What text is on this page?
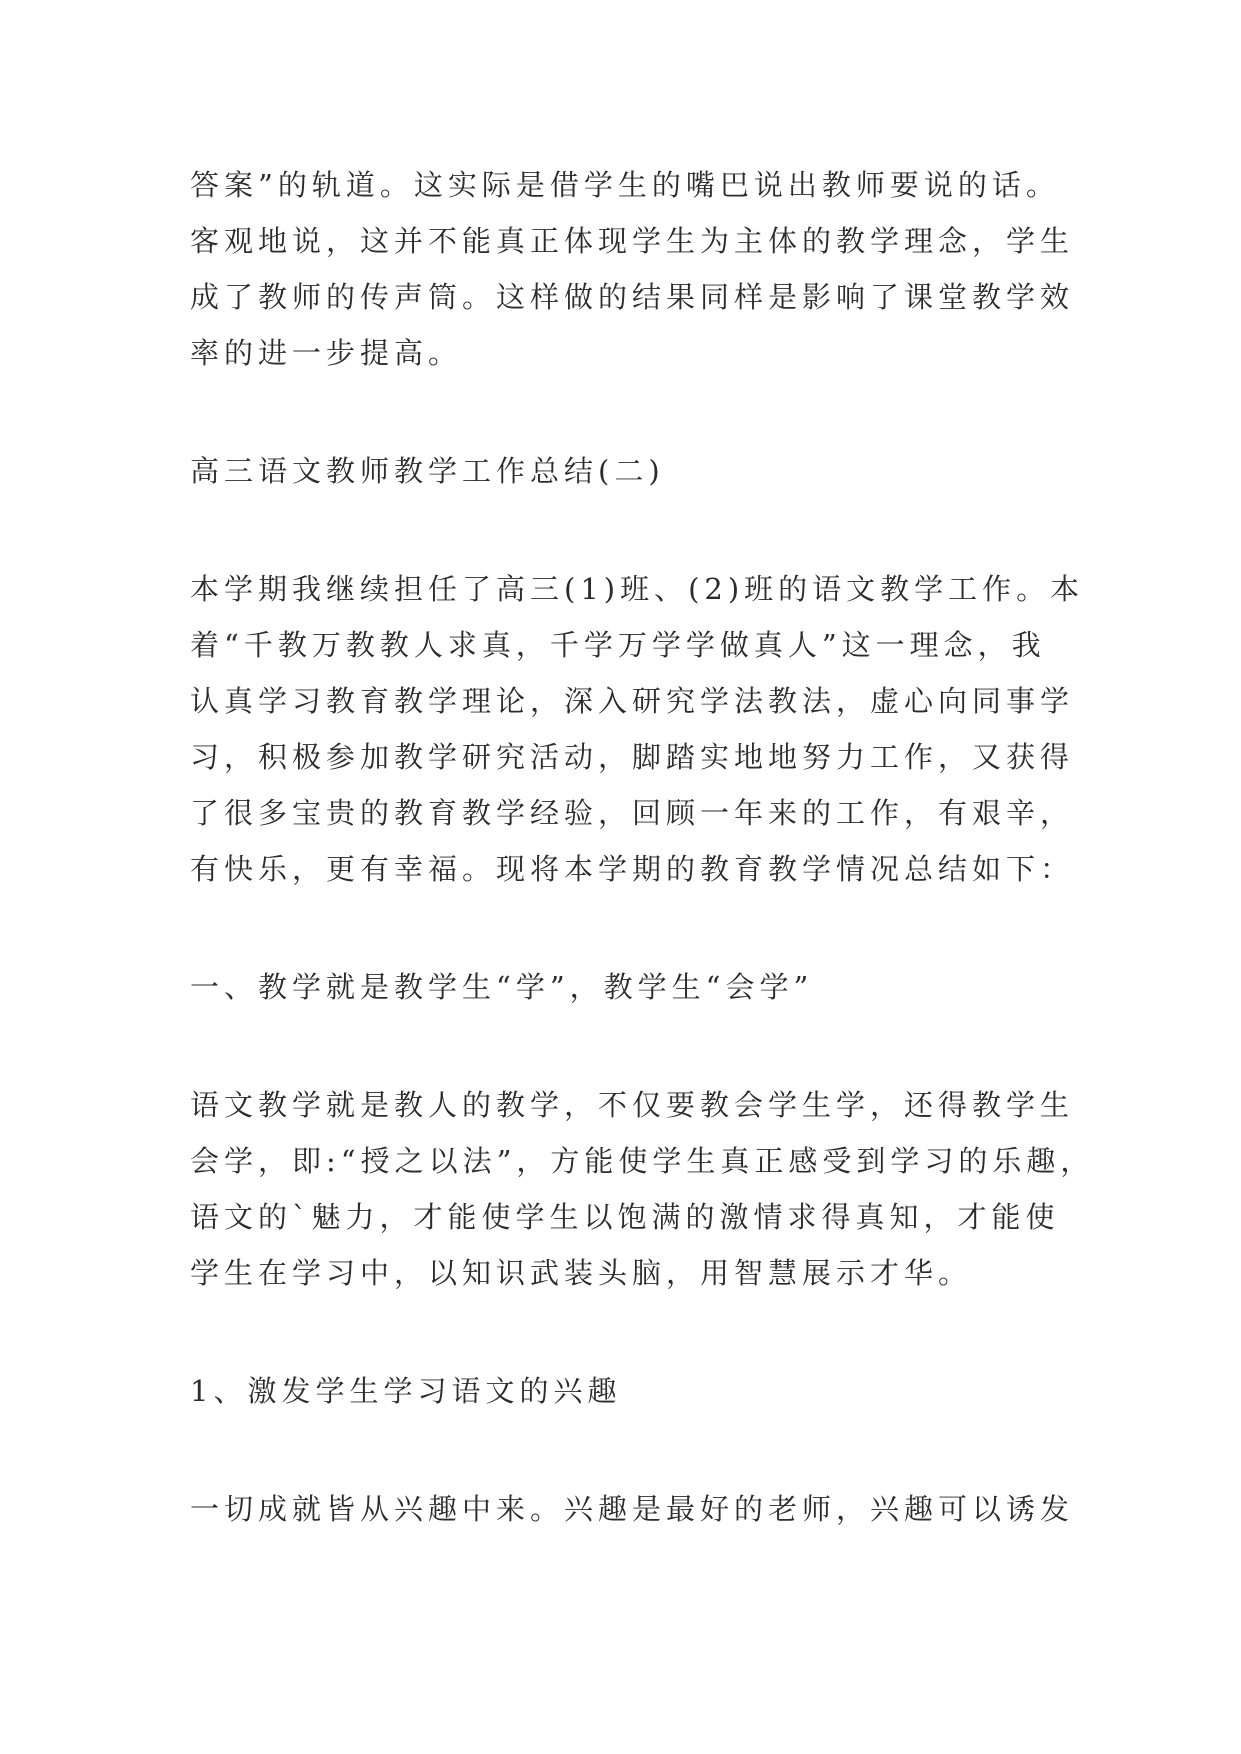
答案”的轨道。这实际是借学生的嘴巴说出教师要说的话。

客观地说，这并不能真正体现学生为主体的教学理念，学生

成了教师的传声筒。这样做的结果同样是影响了课堂教学效

率的进一步提高。

高三语文教师教学工作总结(二)

本学期我继续担任了高三(1)班、(2)班的语文教学工作。本

着“千教万教教人求真，千学万学学做真人”这一理念，我

认真学习教育教学理论，深入研究学法教法，虚心向同事学

习，积极参加教学研究活动，脚踏实地地努力工作，又获得

了很多宝贵的教育教学经验，回顾一年来的工作，有艰辛，

有快乐，更有幸福。现将本学期的教育教学情况总结如下：

一、教学就是教学生“学”，教学生“会学”

语文教学就是教人的教学，不仅要教会学生学，还得教学生

会学，即:“授之以法”，方能使学生真正感受到学习的乐趣，

语文的`魅力，才能使学生以饱满的激情求得真知，才能使

学生在学习中，以知识武装头脑，用智慧展示才华。

1、激发学生学习语文的兴趣

一切成就皆从兴趣中来。兴趣是最好的老师，兴趣可以诱发
